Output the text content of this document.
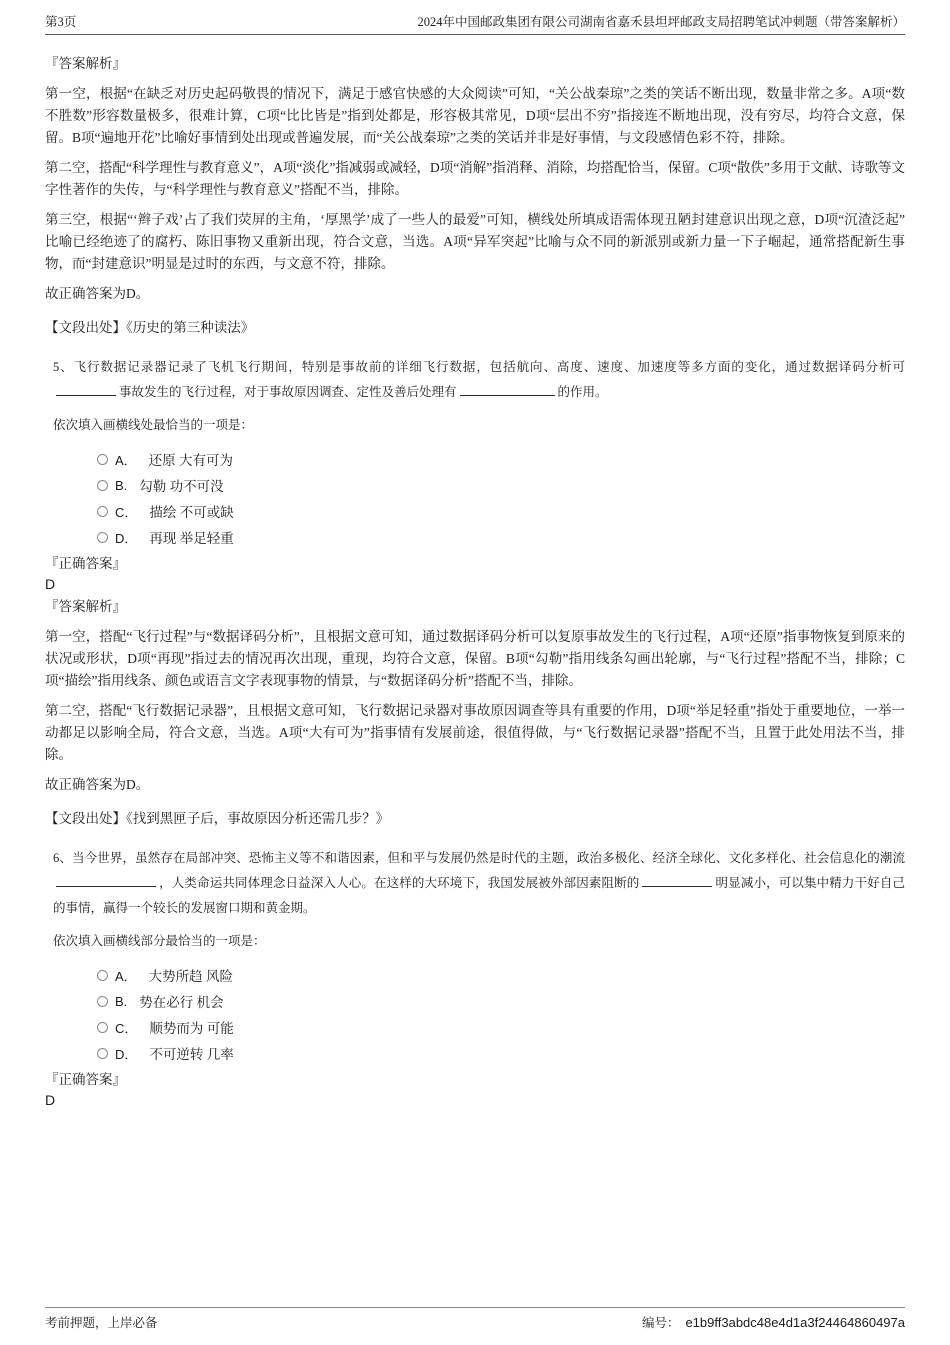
第3页	2024年中国邮政集团有限公司湖南省嘉禾县坦坪邮政支局招聘笔试冲刺题（带答案解析）
『答案解析』

第一空，根据“在缺乏对历史起码敬畏的情况下，满足于感官快感的大众阅读”可知，“关公战秦琼”之类的笑话不断出现，数量非常之多。A项“数不胜数”形容数量极多，很难计算，C项“比比皆是”指到处都是，形容极其常见，D项“层出不穷”指接连不断地出现，没有穷尽，均符合文意，保留。B项“遍地开花”比喻好事情到处出现或普遍发展，而“关公战秦琼”之类的笑话并非是好事情，与文段感情色彩不符，排除。

第二空，搭配“科学理性与教育意义”，A项“淡化”指减弱或减轻，D项“消解”指消释、消除，均搭配恰当，保留。C项“散佚”多用于文献、诗歌等文字性著作的失传，与“科学理性与教育意义”搭配不当，排除。

第三空，根据“‘辫子戏’占了我们荧屏的主角，‘厚黑学’成了一些人的最爱”可知，横线处所填成语需体现丑陋封建意识出现之意，D项“沉渣泛起”比喻已经绝迹了的腐朽、陈旧事物又重新出现，符合文意，当选。A项“异军突起”比喻与众不同的新派别或新力量一下子崛起，通常搭配新生事物，而“封建意识”明显是过时的东西，与文意不符，排除。

故正确答案为D。
【文段出处】《历史的第三种读法》

5、飞行数据记录器记录了飞机飞行期间，特别是事故前的详细飞行数据，包括航向、高度、速度、加速度等多方面的变化，通过数据译码分析可事故发生的飞行过程，对于事故原因调查、定性及善后处理有	的作用。

依次填入画横线处最恰当的一项是：
A． 还原 大有可为
B. 勾勒 功不可没
C． 描绘 不可或缺
D． 再现 举足轻重
『正确答案』
D
『答案解析』

第一空，搭配“飞行过程”与“数据译码分析”，且根据文意可知，通过数据译码分析可以复原事故发生的飞行过程，A项“还原”指事物恢复到原来的状况或形状，D项“再现”指过去的情况再次出现，重现，均符合文意，保留。B项“勾勒”指用线条勾画出轮廓，与“飞行过程”搭配不当，排除；C项“描绘”指用线条、颜色或语言文字表现事物的情景，与“数据译码分析”搭配不当，排除。

第二空，搭配“飞行数据记录器”，且根据文意可知，飞行数据记录器对事故原因调查等具有重要的作用，D项“举足轻重”指处于重要地位，一举一动都足以影响全局，符合文意，当选。A项“大有可为”指事情有发展前途，很值得做，与“飞行数据记录器”搭配不当，且置于此处用法不当，排除。

故正确答案为D。
【文段出处】《找到黑匣子后，事故原因分析还需几步？》

6、当今世界，虽然存在局部冲突、恐怖主义等不和谐因素，但和平与发展仍然是时代的主题，政治多极化、经济全球化、文化多样化、社会信息化的潮流，人类命运共同体理念日益深入人心。在这样的大环境下，我国发展被外部因素阻断的	明显减小，可以集中精力干好自己的事情，赢得一个较长的发展窗口期和黄金期。

依次填入画横线部分最恰当的一项是：
A． 大势所趋 风险
B. 势在必行 机会
C． 顺势而为 可能
D． 不可逆转 几率
『正确答案』
D
考前押题，上岸必备	编号： e1b9ff3abdc48e4d1a3f24464860497a
